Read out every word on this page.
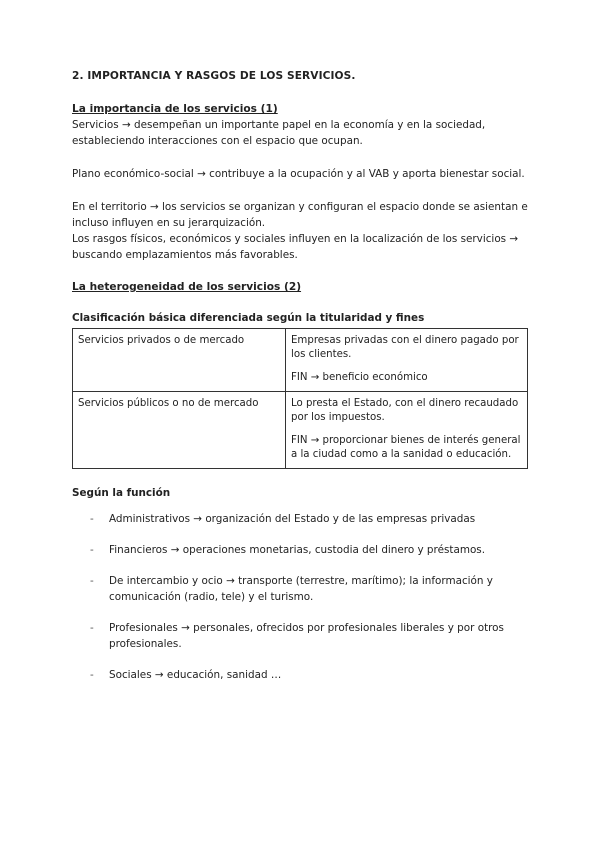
2. IMPORTANCIA Y RASGOS DE LOS SERVICIOS.
La importancia de los servicios (1)
Servicios → desempeñan un importante papel en la economía y en la sociedad, estableciendo interacciones con el espacio que ocupan.
Plano económico-social → contribuye a la ocupación y al VAB y aporta bienestar social.
En el territorio → los servicios se organizan y configuran el espacio donde se asientan e incluso influyen en su jerarquización.
Los rasgos físicos, económicos y sociales influyen en la localización de los servicios → buscando emplazamientos más favorables.
La heterogeneidad de los servicios (2)
Clasificación básica diferenciada según la titularidad y fines
Servicios privados o de mercado	Empresas privadas con el dinero pagado por los clientes.
FIN → beneficio económico

Servicios públicos o no de mercado	Lo presta el Estado, con el dinero recaudado por los impuestos.
FIN → proporcionar bienes de interés general a la ciudad como a la sanidad o educación.
Según la función
- Administrativos → organización del Estado y de las empresas privadas
- Financieros → operaciones monetarias, custodia del dinero y préstamos.
- De intercambio y ocio → transporte (terrestre, marítimo); la información y comunicación (radio, tele) y el turismo.
- Profesionales → personales, ofrecidos por profesionales liberales y por otros profesionales.
- Sociales → educación, sanidad …
